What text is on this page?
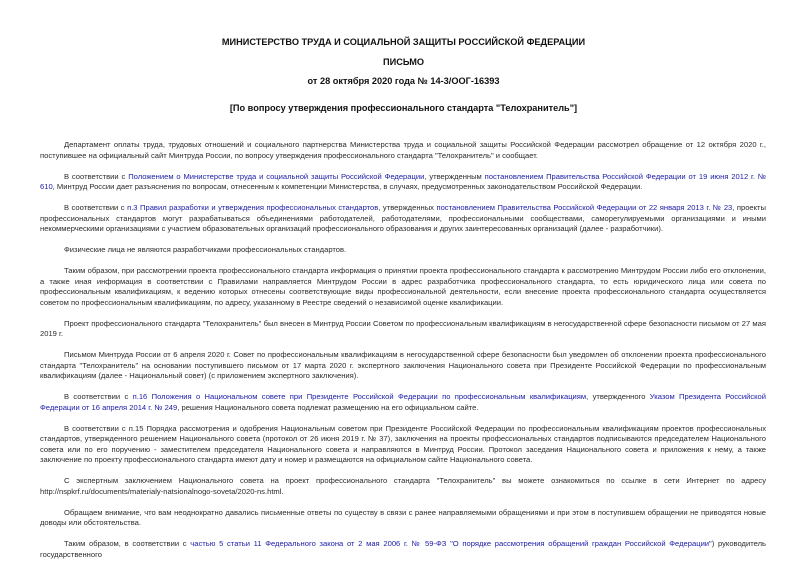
МИНИСТЕРСТВО ТРУДА И СОЦИАЛЬНОЙ ЗАЩИТЫ РОССИЙСКОЙ ФЕДЕРАЦИИ
ПИСЬМО
от 28 октября 2020 года № 14-3/ООГ-16393
[По вопросу утверждения профессионального стандарта "Телохранитель"]

Департамент оплаты труда, трудовых отношений и социального партнерства Министерства труда и социальной защиты Российской Федерации рассмотрел обращение от 12 октября 2020 г., поступившее на официальный сайт Минтруда России, по вопросу утверждения профессионального стандарта "Телохранитель" и сообщает.

В соответствии с Положением о Министерстве труда и социальной защиты Российской Федерации, утвержденным постановлением Правительства Российской Федерации от 19 июня 2012 г. № 610, Минтруд России дает разъяснения по вопросам, отнесенным к компетенции Министерства, в случаях, предусмотренных законодательством Российской Федерации.

В соответствии с п.3 Правил разработки и утверждения профессиональных стандартов, утвержденных постановлением Правительства Российской Федерации от 22 января 2013 г. № 23, проекты профессиональных стандартов могут разрабатываться объединениями работодателей, работодателями, профессиональными сообществами, саморегулируемыми организациями и иными некоммерческими организациями с участием образовательных организаций профессионального образования и других заинтересованных организаций (далее - разработчики).

Физические лица не являются разработчиками профессиональных стандартов.

Таким образом, при рассмотрении проекта профессионального стандарта информация о принятии проекта профессионального стандарта к рассмотрению Минтрудом России либо его отклонении, а также иная информация в соответствии с Правилами направляется Минтрудом России в адрес разработчика профессионального стандарта, то есть юридического лица или совета по профессиональным квалификациям, к ведению которых отнесены соответствующие виды профессиональной деятельности, если внесение проекта профессионального стандарта осуществляется советом по профессиональным квалификациям, по адресу, указанному в Реестре сведений о независимой оценке квалификации.

Проект профессионального стандарта "Телохранитель" был внесен в Минтруд России Советом по профессиональным квалификациям в негосударственной сфере безопасности письмом от 27 мая 2019 г.

Письмом Минтруда России от 6 апреля 2020 г. Совет по профессиональным квалификациям в негосударственной сфере безопасности был уведомлен об отклонении проекта профессионального стандарта "Телохранитель" на основании поступившего письмом от 17 марта 2020 г. экспертного заключения Национального совета при Президенте Российской Федерации по профессиональным квалификациям (далее - Национальный совет) (с приложением экспертного заключения).

В соответствии с п.16 Положения о Национальном совете при Президенте Российской Федерации по профессиональным квалификациям, утвержденного Указом Президента Российской Федерации от 16 апреля 2014 г. № 249, решения Национального совета подлежат размещению на его официальном сайте.

В соответствии с п.15 Порядка рассмотрения и одобрения Национальным советом при Президенте Российской Федерации по профессиональным квалификациям проектов профессиональных стандартов, утвержденного решением Национального совета (протокол от 26 июня 2019 г. № 37), заключения на проекты профессиональных стандартов подписываются председателем Национального совета или по его поручению - заместителем председателя Национального совета и направляются в Минтруд России. Протокол заседания Национального совета и приложения к нему, а также заключение по проекту профессионального стандарта имеют дату и номер и размещаются на официальном сайте Национального совета.

С экспертным заключением Национального совета на проект профессионального стандарта "Телохранитель" вы можете ознакомиться по ссылке в сети Интернет по адресу http://nspkrf.ru/documents/materialy-natsionalnogo-soveta/2020-ns.html.

Обращаем внимание, что вам неоднократно давались письменные ответы по существу в связи с ранее направляемыми обращениями и при этом в поступившем обращении не приводятся новые доводы или обстоятельства.

Таким образом, в соответствии с частью 5 статьи 11 Федерального закона от 2 мая 2006 г. № 59-ФЗ "О порядке рассмотрения обращений граждан Российской Федерации") руководитель государственного
